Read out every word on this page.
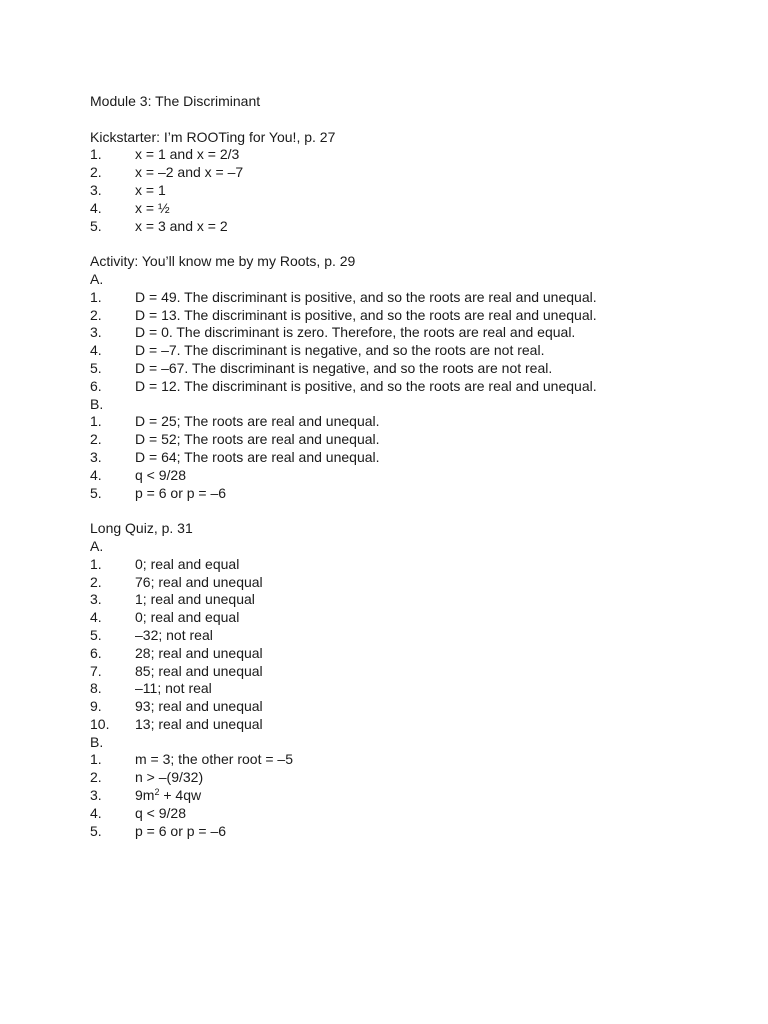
Module 3: The Discriminant
Kickstarter: I’m ROOTing for You!, p. 27
1. x = 1 and x = 2/3
2. x = –2 and x = –7
3. x = 1
4. x = ½
5. x = 3 and x = 2
Activity: You’ll know me by my Roots, p. 29
A.
1. D = 49. The discriminant is positive, and so the roots are real and unequal.
2. D = 13. The discriminant is positive, and so the roots are real and unequal.
3. D = 0. The discriminant is zero. Therefore, the roots are real and equal.
4. D = –7. The discriminant is negative, and so the roots are not real.
5. D = –67. The discriminant is negative, and so the roots are not real.
6. D = 12. The discriminant is positive, and so the roots are real and unequal.
B.
1. D = 25; The roots are real and unequal.
2. D = 52; The roots are real and unequal.
3. D = 64; The roots are real and unequal.
4. q < 9/28
5. p = 6 or p = –6
Long Quiz, p. 31
A.
1. 0; real and equal
2. 76; real and unequal
3. 1; real and unequal
4. 0; real and equal
5. –32; not real
6. 28; real and unequal
7. 85; real and unequal
8. –11; not real
9. 93; real and unequal
10. 13; real and unequal
B.
1. m = 3; the other root = –5
2. n > –(9/32)
3. $9m^2 + 4qw$
4. q < 9/28
5. p = 6 or p = –6
